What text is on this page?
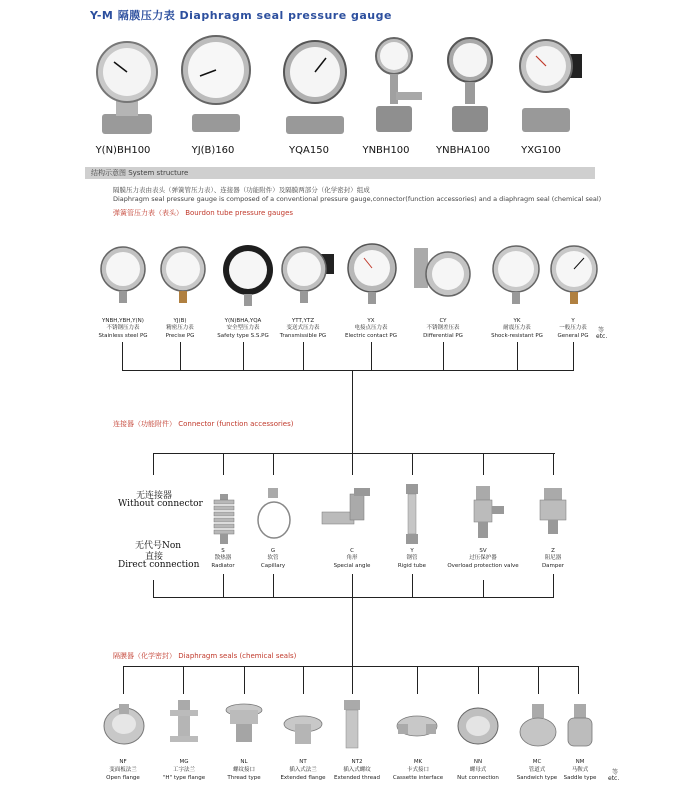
Y-M 隔膜压力表 Diaphragm seal pressure gauge
Y(N)BH100	YJ(B)160	YQA150	YNBH100	YNBHA100	YXG100
结构示意图 System structure
隔膜压力表由表头（弹簧管压力表）、连接器（功能附件）及隔膜两部分（化学密封）组成
Diaphragm seal pressure gauge is composed of a conventional pressure gauge,connector(function accessories) and a diaphragm seal (chemical seal)
弹簧管压力表（表头） Bourdon tube pressure gauges
YNBH,YBH,Y(N)
不锈钢压力表
Stainless steel PG
YJ(B)
精密压力表
Precise PG
Y(N)BHA,YQA
安全型压力表
Safety type S.S.PG
YTT,YTZ
变送式压力表
Transmissible PG
YX
电接点压力表
Electric contact PG
CY
不锈钢差压表
Differential PG
YK
耐震压力表
Shock-resistant PG
Y
一般压力表
General PG
等
etc.
连接器（功能附件） Connector (function accessories)
无连接器
Without connector
无代号Non
直接
Direct connection
S
散热器
Radiator
G
软管
Capillary
C
角形
Special angle
Y
钢管
Rigid tube
SV
过压保护器
Overload protection valve
Z
阻尼器
Damper
隔膜器（化学密封） Diaphragm seals (chemical seals)
NF
变面板法兰
Open flange
MG
工字法兰
"H" type flange
NL
螺纹接口
Thread type
NT
插入式法兰
Extended flange
NT2
插入式螺纹
Extended thread
MK
卡式接口
Cassette interface
NN
螺母式
Nut connection
MC
管道式
Sandwich type
NM
马鞍式
Saddle type
等
etc.
